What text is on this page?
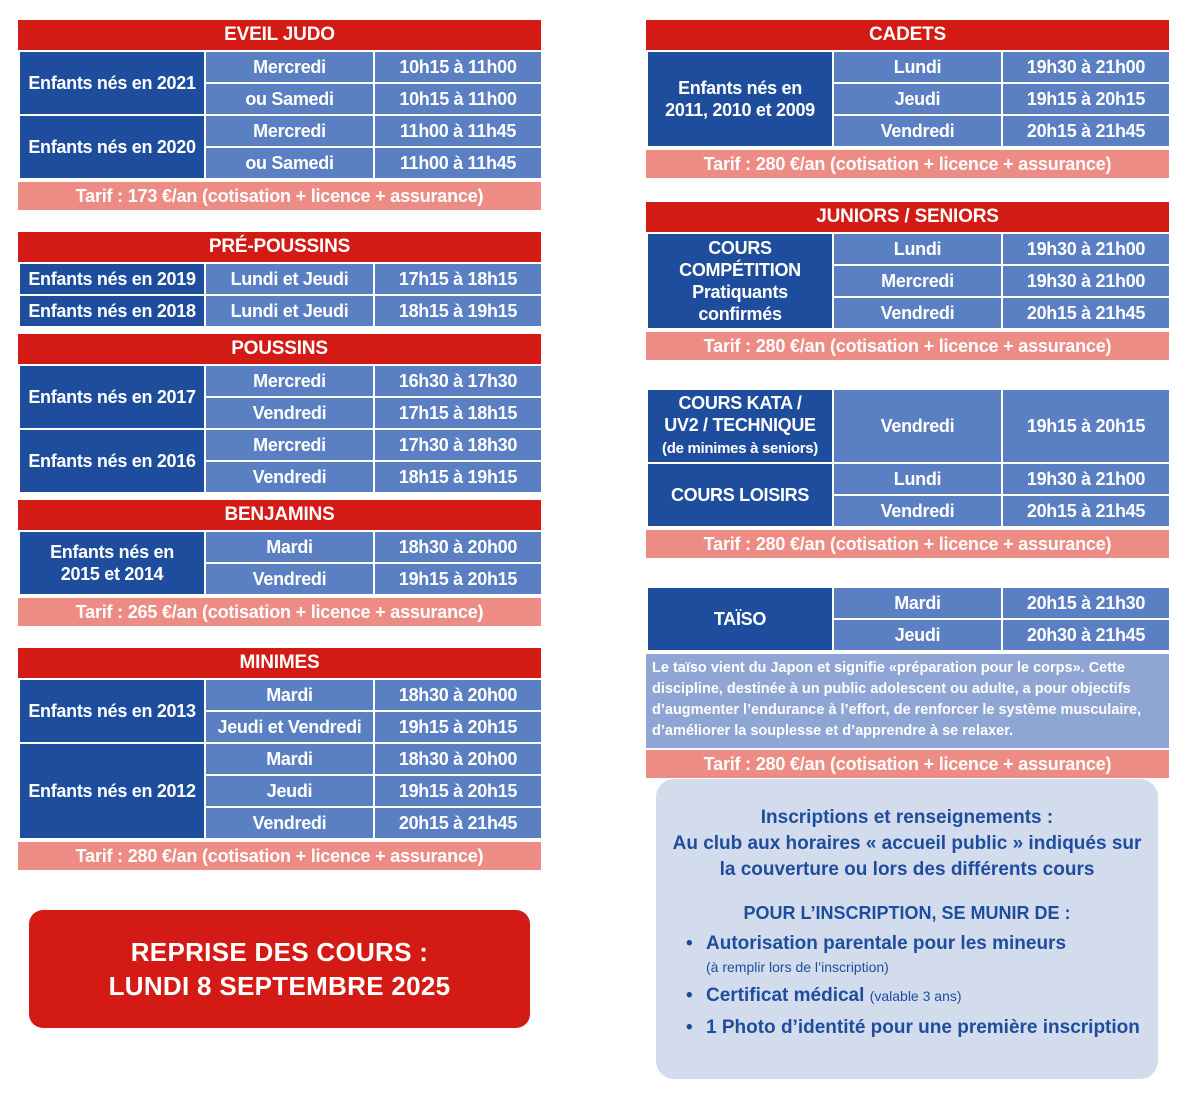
EVEIL JUDO
Enfants nés en 2021	Mercredi	10h15 à 11h00
	ou Samedi	10h15 à 11h00
Enfants nés en 2020	Mercredi	11h00 à 11h45
	ou Samedi	11h00 à 11h45
Tarif : 173 €/an (cotisation + licence + assurance)
PRÉ-POUSSINS
Enfants nés en 2019	Lundi et Jeudi	17h15 à 18h15
Enfants nés en 2018	Lundi et Jeudi	18h15 à 19h15
POUSSINS
Enfants nés en 2017	Mercredi	16h30 à 17h30
	Vendredi	17h15 à 18h15
Enfants nés en 2016	Mercredi	17h30 à 18h30
	Vendredi	18h15 à 19h15
BENJAMINS
Enfants nés en
2015 et 2014	Mardi	18h30 à 20h00
	Vendredi	19h15 à 20h15
Tarif : 265 €/an (cotisation + licence + assurance)
MINIMES
Enfants nés en 2013	Mardi	18h30 à 20h00
	Jeudi et Vendredi	19h15 à 20h15
Enfants nés en 2012	Mardi	18h30 à 20h00
	Jeudi	19h15 à 20h15
	Vendredi	20h15 à 21h45
Tarif : 280 €/an (cotisation + licence + assurance)
CADETS
Enfants nés en
2011, 2010 et 2009	Lundi	19h30 à 21h00
	Jeudi	19h15 à 20h15
	Vendredi	20h15 à 21h45
Tarif : 280 €/an (cotisation + licence + assurance)
JUNIORS / SENIORS
COURS COMPÉTITION
Pratiquants
confirmés	Lundi	19h30 à 21h00
	Mercredi	19h30 à 21h00
	Vendredi	20h15 à 21h45
Tarif : 280 €/an (cotisation + licence + assurance)
COURS KATA /
UV2 / TECHNIQUE
(de minimes à seniors)	Vendredi	19h15 à 20h15
COURS LOISIRS	Lundi	19h30 à 21h00
	Vendredi	20h15 à 21h45
Tarif : 280 €/an (cotisation + licence + assurance)
TAÏSO	Mardi	20h15 à 21h30
	Jeudi	20h30 à 21h45
Le taïso vient du Japon et signifie «préparation pour le corps». Cette
discipline, destinée à un public adolescent ou adulte, a pour objectifs
d’augmenter l’endurance à l’effort, de renforcer le système musculaire,
d’améliorer la souplesse et d’apprendre à se relaxer.
Tarif : 280 €/an (cotisation + licence + assurance)
REPRISE DES COURS :
LUNDI 8 SEPTEMBRE 2025
Inscriptions et renseignements :
Au club aux horaires « accueil public » indiqués sur
la couverture ou lors des différents cours
POUR L’INSCRIPTION, SE MUNIR DE :
• Autorisation parentale pour les mineurs
(à remplir lors de l’inscription)
• Certificat médical (valable 3 ans)
• 1 Photo d’identité pour une première inscription
